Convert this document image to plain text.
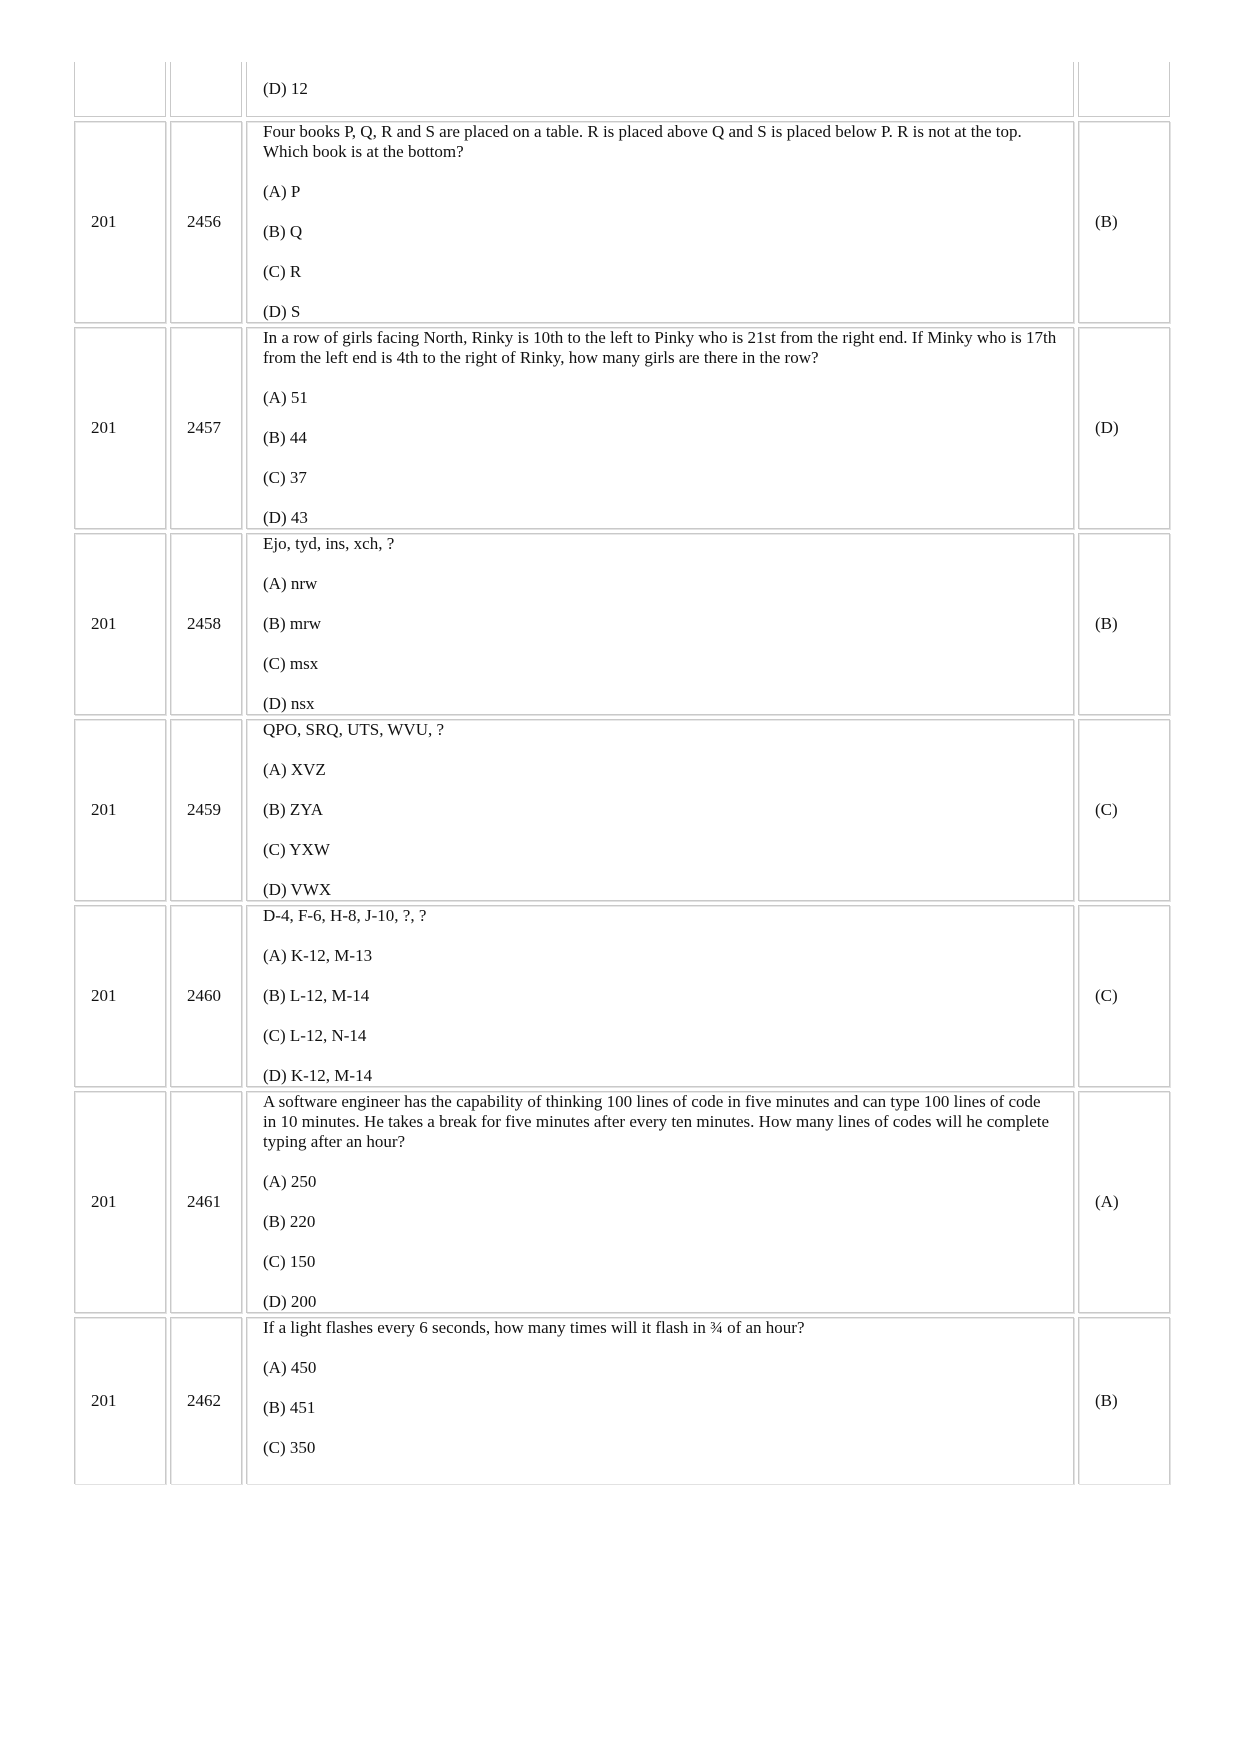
		(D) 12	

201	2456	Four books P, Q, R and S are placed on a table. R is placed above Q and S is placed below P. R is not at the top. Which book is at the bottom?
(A) P
(B) Q
(C) R
(D) S	(B)
201	2457	In a row of girls facing North, Rinky is 10th to the left to Pinky who is 21st from the right end. If Minky who is 17th from the left end is 4th to the right of Rinky, how many girls are there in the row?
(A) 51
(B) 44
(C) 37
(D) 43	(D)
201	2458	Ejo, tyd, ins, xch, ?
(A) nrw
(B) mrw
(C) msx
(D) nsx	(B)
201	2459	QPO, SRQ, UTS, WVU, ?
(A) XVZ
(B) ZYA
(C) YXW
(D) VWX	(C)
201	2460	D-4, F-6, H-8, J-10, ?, ?
(A) K-12, M-13
(B) L-12, M-14
(C) L-12, N-14
(D) K-12, M-14	(C)
201	2461	A software engineer has the capability of thinking 100 lines of code in five minutes and can type 100 lines of code in 10 minutes. He takes a break for five minutes after every ten minutes. How many lines of codes will he complete typing after an hour?
(A) 250
(B) 220
(C) 150
(D) 200	(A)
201	2462	If a light flashes every 6 seconds, how many times will it flash in ¾ of an hour?
(A) 450
(B) 451
(C) 350	(B)
